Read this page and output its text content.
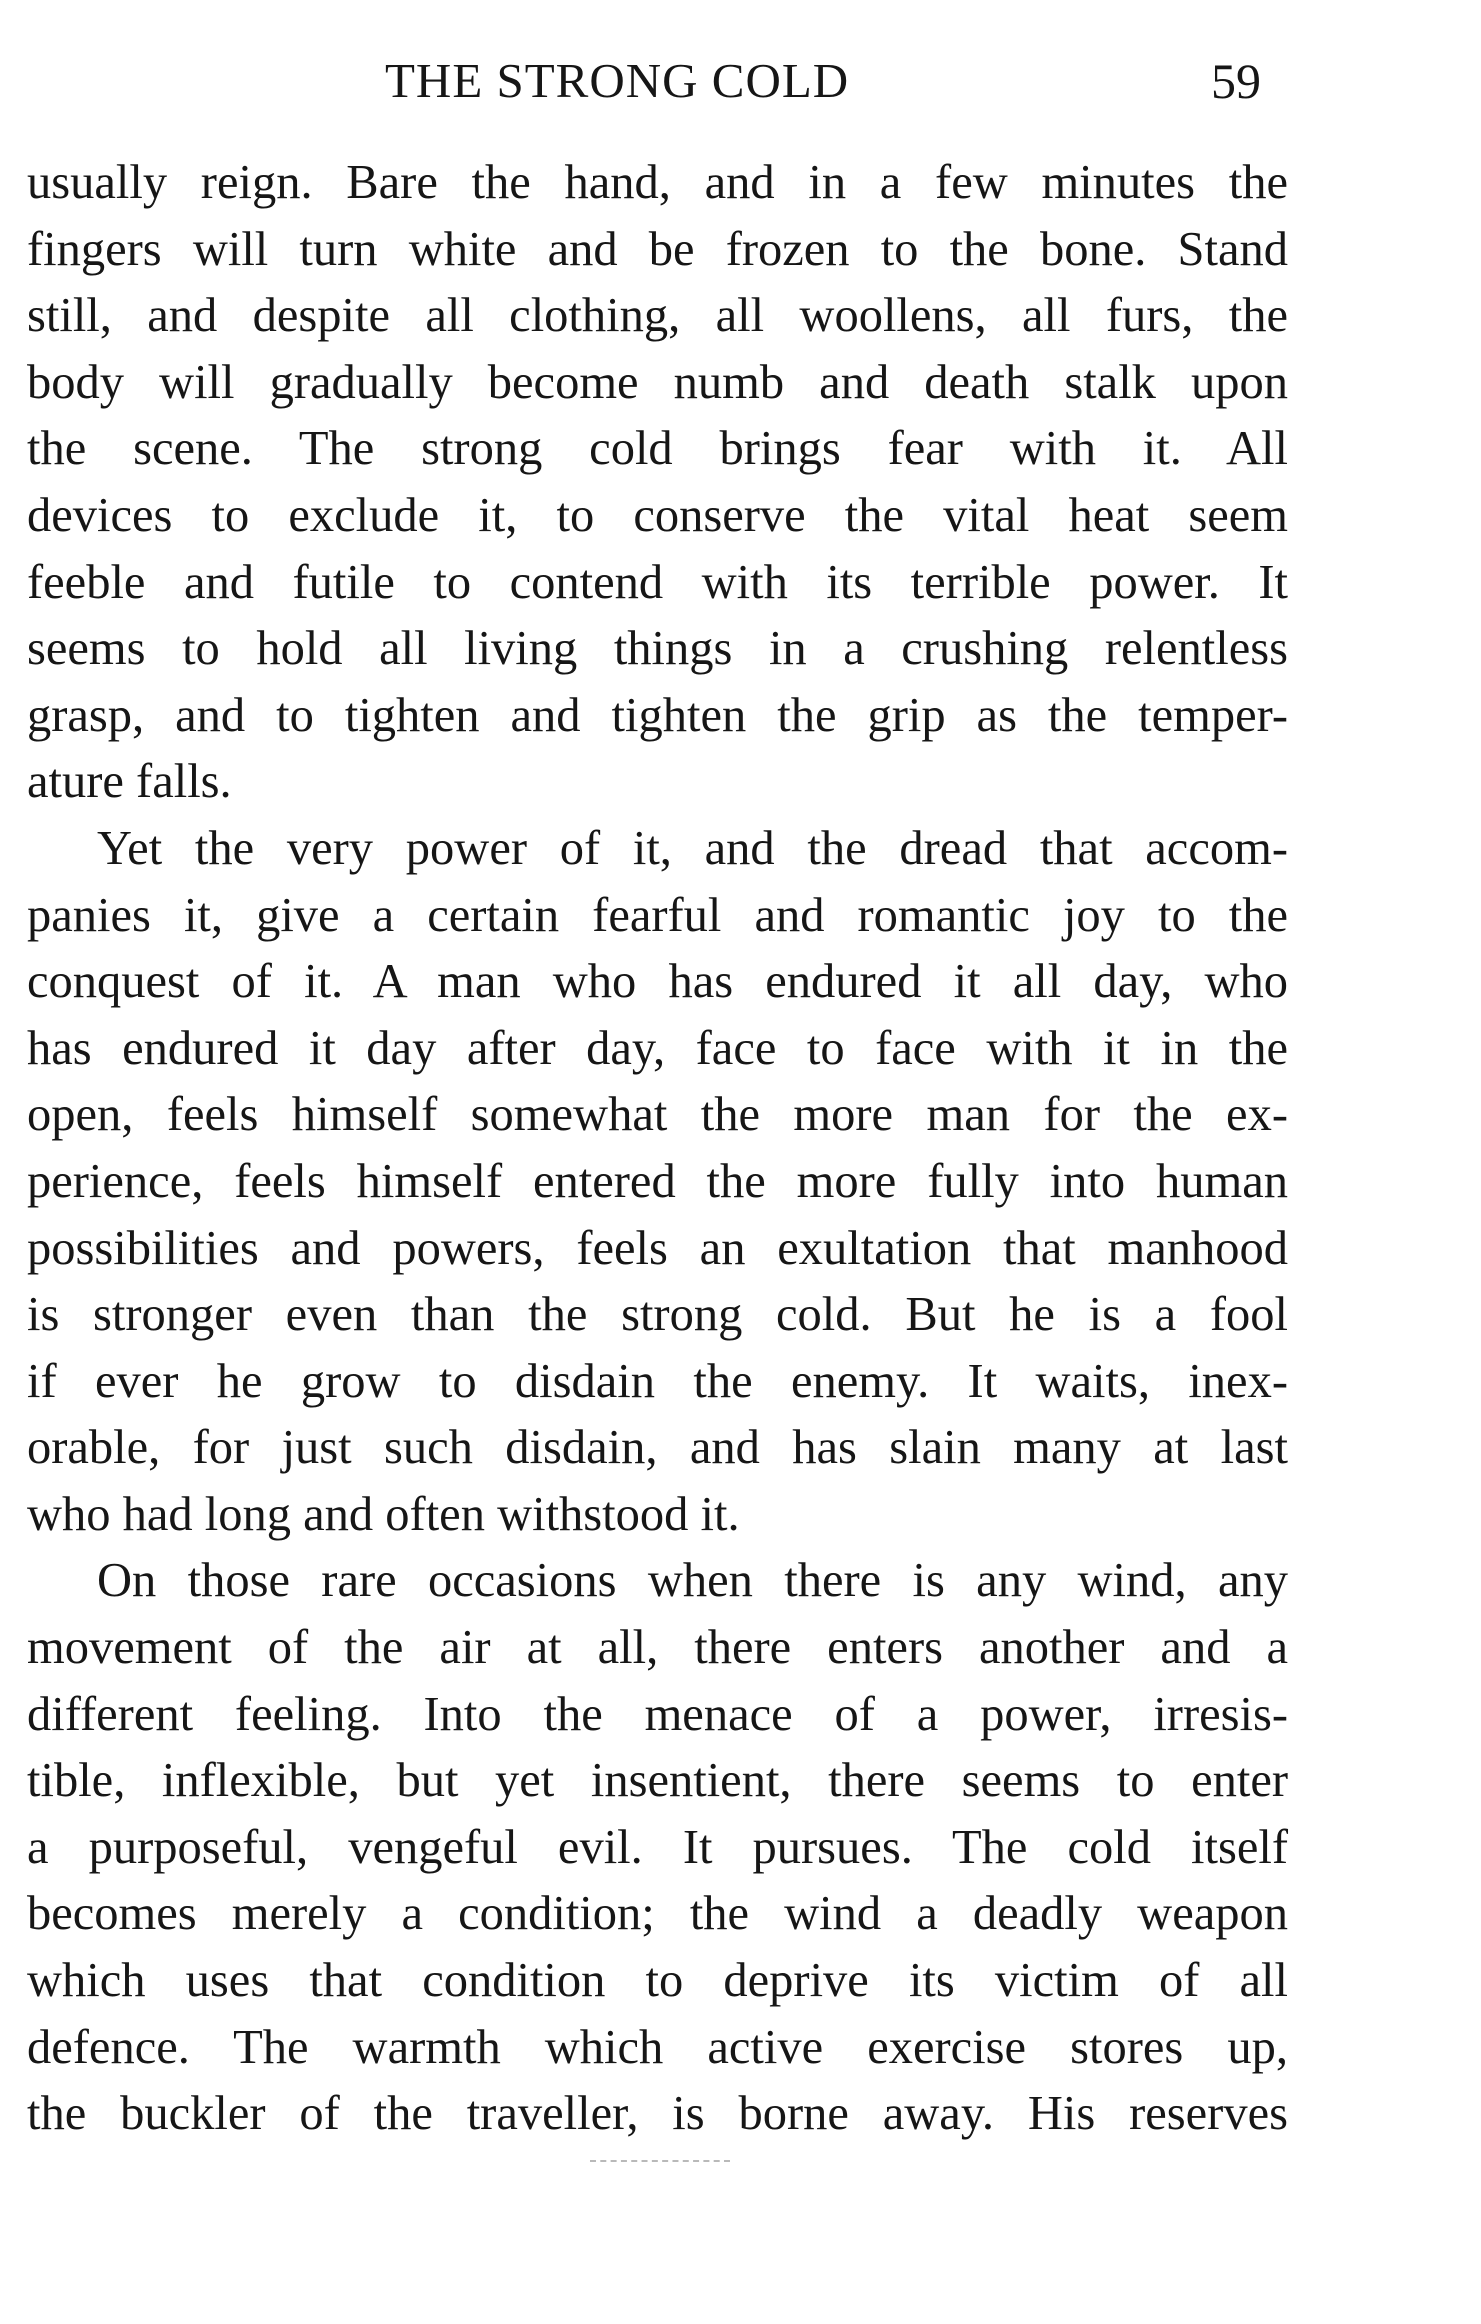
THE STRONG COLD	59
usually reign. Bare the hand, and in a few minutes the
fingers will turn white and be frozen to the bone. Stand
still, and despite all clothing, all woollens, all furs, the
body will gradually become numb and death stalk upon
the scene. The strong cold brings fear with it. All
devices to exclude it, to conserve the vital heat seem
feeble and futile to contend with its terrible power. It
seems to hold all living things in a crushing relentless
grasp, and to tighten and tighten the grip as the temper-
ature falls.
Yet the very power of it, and the dread that accom-
panies it, give a certain fearful and romantic joy to the
conquest of it. A man who has endured it all day, who
has endured it day after day, face to face with it in the
open, feels himself somewhat the more man for the ex-
perience, feels himself entered the more fully into human
possibilities and powers, feels an exultation that manhood
is stronger even than the strong cold. But he is a fool
if ever he grow to disdain the enemy. It waits, inex-
orable, for just such disdain, and has slain many at last
who had long and often withstood it.
On those rare occasions when there is any wind, any
movement of the air at all, there enters another and a
different feeling. Into the menace of a power, irresis-
tible, inflexible, but yet insentient, there seems to enter
a purposeful, vengeful evil. It pursues. The cold itself
becomes merely a condition; the wind a deadly weapon
which uses that condition to deprive its victim of all
defence. The warmth which active exercise stores up,
the buckler of the traveller, is borne away. His reserves
